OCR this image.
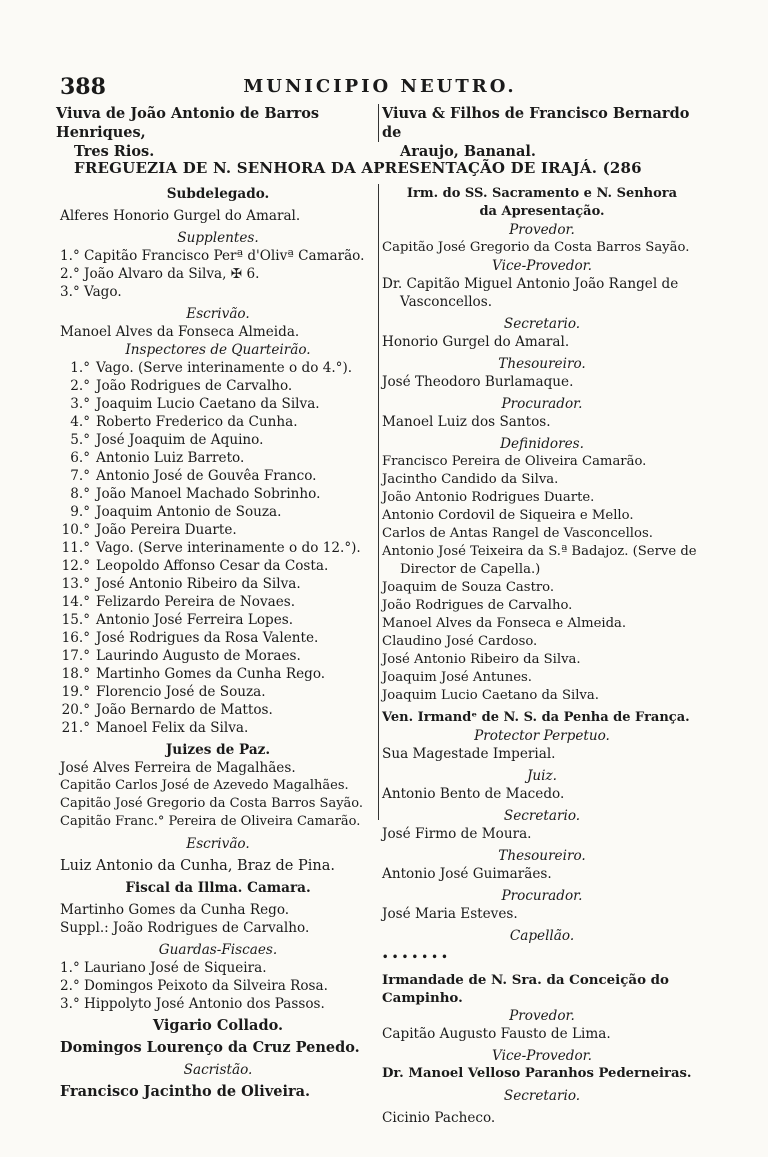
388	MUNICIPIO NEUTRO.
Viuva de João Antonio de Barros Henriques,
Tres Rios.
Viuva & Filhos de Francisco Bernardo de
Araujo, Bananal.
FREGUEZIA DE N. SENHORA DA APRESENTAÇÃO DE IRAJÁ. (286
Subdelegado.
Alferes Honorio Gurgel do Amaral.
Supplentes.
1.° Capitão Francisco Perª d'Olivª Camarão.
2.° João Alvaro da Silva, ✠ 6.
3.° Vago.
Escrivão.
Manoel Alves da Fonseca Almeida.
Inspectores de Quarteirão.
1.° Vago. (Serve interinamente o do 4.°).
2.° João Rodrigues de Carvalho.
3.° Joaquim Lucio Caetano da Silva.
4.° Roberto Frederico da Cunha.
5.° José Joaquim de Aquino.
6.° Antonio Luiz Barreto.
7.° Antonio José de Gouvêa Franco.
8.° João Manoel Machado Sobrinho.
9.° Joaquim Antonio de Souza.
10.° João Pereira Duarte.
11.° Vago. (Serve interinamente o do 12.°).
12.° Leopoldo Affonso Cesar da Costa.
13.° José Antonio Ribeiro da Silva.
14.° Felizardo Pereira de Novaes.
15.° Antonio José Ferreira Lopes.
16.° José Rodrigues da Rosa Valente.
17.° Laurindo Augusto de Moraes.
18.° Martinho Gomes da Cunha Rego.
19.° Florencio José de Souza.
20.° João Bernardo de Mattos.
21.° Manoel Felix da Silva.
Juizes de Paz.
José Alves Ferreira de Magalhães.
Capitão Carlos José de Azevedo Magalhães.
Capitão José Gregorio da Costa Barros Sayão.
Capitão Franc.° Pereira de Oliveira Camarão.
Escrivão.
Luiz Antonio da Cunha, Braz de Pina.
Fiscal da Illma. Camara.
Martinho Gomes da Cunha Rego.
Suppl.: João Rodrigues de Carvalho.
Guardas-Fiscaes.
1.° Lauriano José de Siqueira.
2.° Domingos Peixoto da Silveira Rosa.
3.° Hippolyto José Antonio dos Passos.
Vigario Collado.
Domingos Lourenço da Cruz Penedo.
Sacristão.
Francisco Jacintho de Oliveira.
Irm. do SS. Sacramento e N. Senhora
da Apresentação.
Provedor.
Capitão José Gregorio da Costa Barros Sayão.
Vice-Provedor.
Dr. Capitão Miguel Antonio João Rangel de Vasconcellos.
Secretario.
Honorio Gurgel do Amaral.
Thesoureiro.
José Theodoro Burlamaque.
Procurador.
Manoel Luiz dos Santos.
Definidores.
Francisco Pereira de Oliveira Camarão.
Jacintho Candido da Silva.
João Antonio Rodrigues Duarte.
Antonio Cordovil de Siqueira e Mello.
Carlos de Antas Rangel de Vasconcellos.
Antonio José Teixeira da S.ª Badajoz. (Serve de Director de Capella.)
Joaquim de Souza Castro.
João Rodrigues de Carvalho.
Manoel Alves da Fonseca e Almeida.
Claudino José Cardoso.
José Antonio Ribeiro da Silva.
Joaquim José Antunes.
Joaquim Lucio Caetano da Silva.
Ven. Irmandᵉ de N. S. da Penha de França.
Protector Perpetuo.
Sua Magestade Imperial.
Juiz.
Antonio Bento de Macedo.
Secretario.
José Firmo de Moura.
Thesoureiro.
Antonio José Guimarães.
Procurador.
José Maria Esteves.
Capellão.
• • • • • • •
Irmandade de N. Sra. da Conceição do Campinho.
Provedor.
Capitão Augusto Fausto de Lima.
Vice-Provedor.
Dr. Manoel Velloso Paranhos Pederneiras.
Secretario.
Cicinio Pacheco.
